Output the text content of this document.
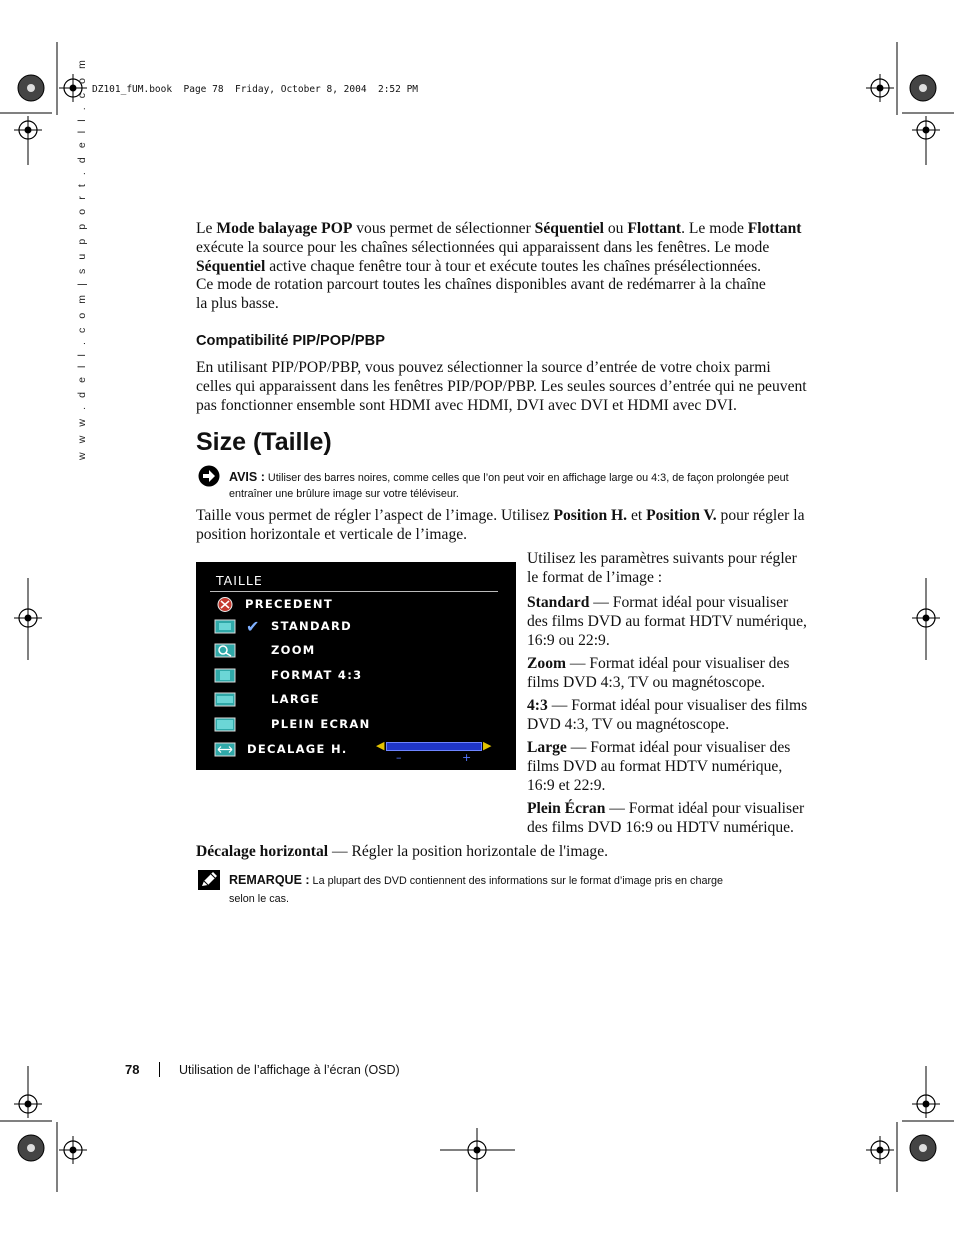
DZ101_fUM.book  Page 78  Friday, October 8, 2004  2:52 PM
w w w . d e l l . c o m | s u p p o r t . d e l l . c o m	Le Mode balayage POP vous permet de sélectionner Séquentiel ou Flottant. Le mode Flottant
exécute la source pour les chaînes sélectionnées qui apparaissent dans les fenêtres. Le mode
Séquentiel active chaque fenêtre tour à tour et exécute toutes les chaînes présélectionnées.
Ce mode de rotation parcourt toutes les chaînes disponibles avant de redémarrer à la chaîne
la plus basse.
Compatibilité PIP/POP/PBP
En utilisant PIP/POP/PBP, vous pouvez sélectionner la source d’entrée de votre choix parmi
celles qui apparaissent dans les fenêtres PIP/POP/PBP. Les seules sources d’entrée qui ne peuvent
pas fonctionner ensemble sont HDMI avec HDMI, DVI avec DVI et HDMI avec DVI.
Size (Taille)
AVIS : Utiliser des barres noires, comme celles que l’on peut voir en affichage large ou 4:3, de façon prolongée peut
entraîner une brûlure image sur votre téléviseur.
Taille vous permet de régler l’aspect de l’image. Utilisez Position H. et Position V. pour régler la
position horizontale et verticale de l’image.
TAILLE
PRECEDENT
✔ STANDARD
ZOOM
FORMAT 4:3
LARGE
PLEIN ECRAN
DECALAGE H.	◀	▶
–	+
Utilisez les paramètres suivants pour régler
le format de l’image :
Standard — Format idéal pour visualiser
des films DVD au format HDTV numérique,
16:9 ou 22:9.
Zoom — Format idéal pour visualiser des
films DVD 4:3, TV ou magnétoscope.
4:3 — Format idéal pour visualiser des films
DVD 4:3, TV ou magnétoscope.
Large — Format idéal pour visualiser des
films DVD au format HDTV numérique,
16:9 et 22:9.
Plein Écran — Format idéal pour visualiser
des films DVD 16:9 ou HDTV numérique.
Décalage horizontal — Régler la position horizontale de l'image.
REMARQUE : La plupart des DVD contiennent des informations sur le format d’image pris en charge
selon le cas.
78	Utilisation de l’affichage à l’écran (OSD)
